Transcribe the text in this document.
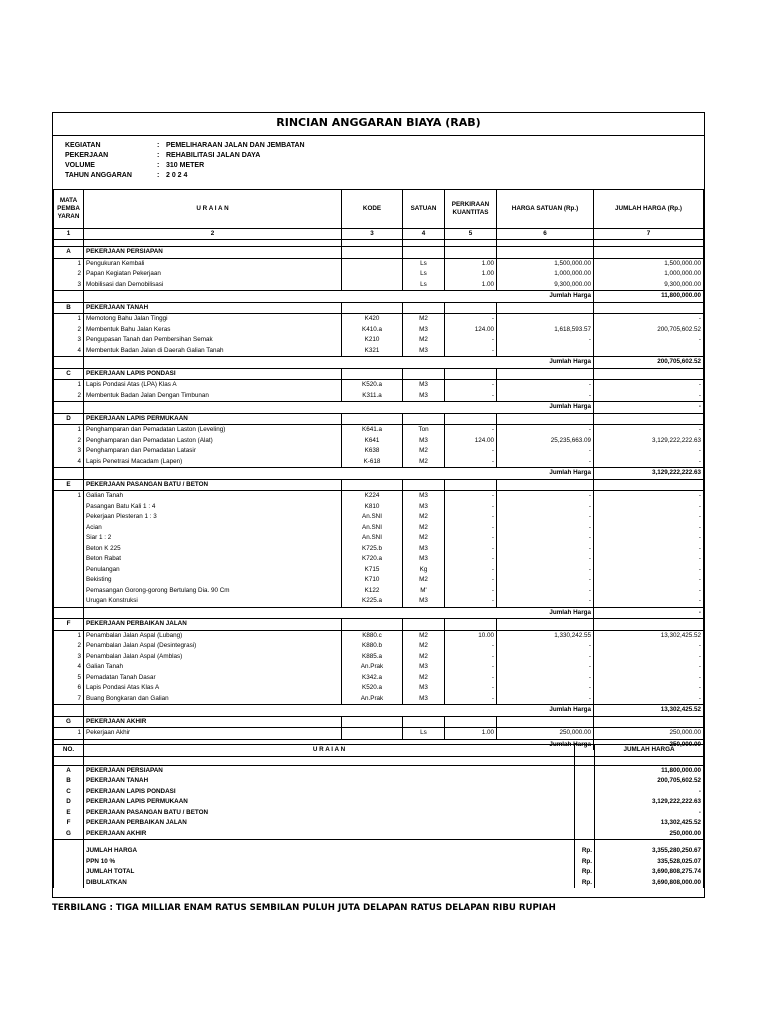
RINCIAN ANGGARAN BIAYA (RAB)
KEGIATAN	: PEMELIHARAAN JALAN DAN JEMBATAN
PEKERJAAN	: REHABILITASI JALAN DAYA
VOLUME	: 310 METER
TAHUN ANGGARAN	: 2 0 2 4
MATA PEMBA YARAN	U R A I A N	KODE	SATUAN	PERKIRAAN KUANTITAS	HARGA SATUAN (Rp.)	JUMLAH HARGA (Rp.)
1	2	3	4	5	6	7

A	PEKERJAAN PERSIAPAN					
1	Pengukuran Kembali		Ls	1.00	1,500,000.00	1,500,000.00
2	Papan Kegiatan Pekerjaan		Ls	1.00	1,000,000.00	1,000,000.00
3	Mobilisasi dan Demobilisasi		Ls	1.00	9,300,000.00	9,300,000.00
	Jumlah Harga					11,800,000.00
B	PEKERJAAN TANAH					
1	Memotong Bahu Jalan Tinggi	K420	M2	-		-
2	Membentuk Bahu Jalan Keras	K410.a	M3	124.00	1,618,593.57	200,705,602.52
3	Pengupasan Tanah dan Pembersihan Semak	K210	M2	-	-	-
4	Membentuk Badan Jalan di Daerah Galian Tanah	K321	M3	-		
	Jumlah Harga					200,705,602.52
C	PEKERJAAN LAPIS PONDASI					
1	Lapis Pondasi Atas (LPA) Klas A	K520.a	M3	-	-	-
2	Membentuk Badan Jalan Dengan Timbunan	K311.a	M3	-	-	-
	Jumlah Harga					-
D	PEKERJAAN LAPIS PERMUKAAN					
1	Penghamparan dan Pemadatan Laston (Leveling)	K641.a	Ton	-	-	-
2	Penghamparan dan Pemadatan Laston (Alat)	K641	M3	124.00	25,235,663.09	3,129,222,222.63
3	Penghamparan dan Pemadatan Latasir	K638	M2	-	-	-
4	Lapis Penetrasi Macadam (Lapen)	K-618	M2	-	-	-
	Jumlah Harga					3,129,222,222.63
E	PEKERJAAN PASANGAN BATU / BETON					
1	Galian Tanah	K224	M3	-	-	-
	Pasangan Batu Kali 1 : 4	K810	M3	-	-	-
	Pekerjaan Plesteran 1 : 3	An.SNI	M2	-	-	-
	Acian	An.SNI	M2	-	-	-
	Siar 1 : 2	An.SNI	M2	-	-	-
	Beton K 225	K725.b	M3	-	-	-
	Beton Rabat	K720.a	M3	-	-	-
	Penulangan	K715	Kg	-	-	-
	Bekisting	K710	M2	-	-	-
	Pemasangan Gorong-gorong Bertulang Dia. 90 Cm	K122	M'	-	-	-
	Urugan Konstruksi	K225.a	M3	-	-	-
	Jumlah Harga					-
F	PEKERJAAN PERBAIKAN JALAN					
1	Penambalan Jalan Aspal (Lubang)	K880.c	M2	10.00	1,330,242.55	13,302,425.52
2	Penambalan Jalan Aspal (Desintegrasi)	K880.b	M2	-	-	-
3	Penambalan Jalan Aspal (Amblas)	K885.a	M2	-	-	-
4	Galian Tanah	An.Prak	M3	-	-	-
5	Pemadatan Tanah Dasar	K342.a	M2	-	-	-
6	Lapis Pondasi Atas Klas A	K520.a	M3	-	-	-
7	Buang Bongkaran dan Galian	An.Prak	M3	-	-	-
	Jumlah Harga					13,302,425.52
G	PEKERJAAN AKHIR					
1	Pekerjaan Akhir		Ls	1.00	250,000.00	250,000.00
	Jumlah Harga					250,000.00
NO.	U R A I A N		JUMLAH HARGA

A	PEKERJAAN PERSIAPAN		11,800,000.00
B	PEKERJAAN TANAH		200,705,602.52
C	PEKERJAAN LAPIS PONDASI		-
D	PEKERJAAN LAPIS PERMUKAAN		3,129,222,222.63
E	PEKERJAAN PASANGAN BATU / BETON		-
F	PEKERJAAN PERBAIKAN JALAN		13,302,425.52
G	PEKERJAAN AKHIR		250,000.00

	JUMLAH HARGA	Rp.	3,355,280,250.67
	PPN 10 %	Rp.	335,528,025.07
	JUMLAH TOTAL	Rp.	3,690,808,275.74
	DIBULATKAN	Rp.	3,690,808,000.00
TERBILANG : TIGA MILLIAR ENAM RATUS SEMBILAN PULUH JUTA DELAPAN RATUS DELAPAN RIBU RUPIAH
